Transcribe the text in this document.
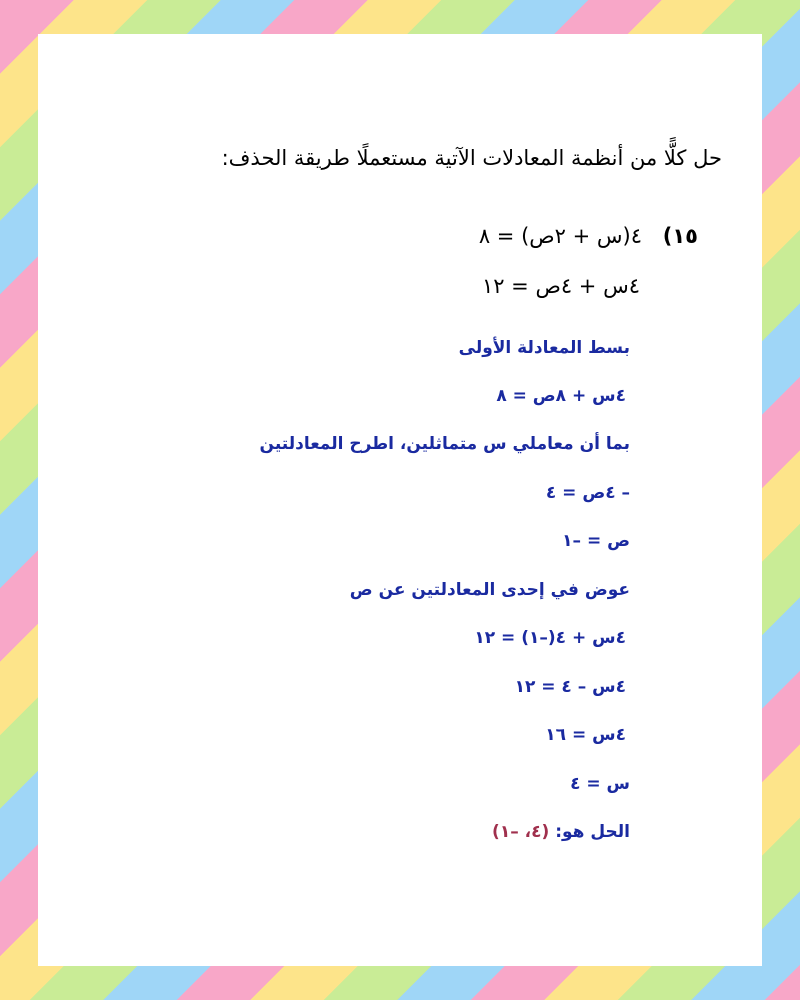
حل كلًّا من أنظمة المعادلات الآتية مستعملًا طريقة الحذف:
١٥)
٤(س + ٢ص) = ٨
٤س + ٤ص = ١٢
بسط المعادلة الأولى
٤س + ٨ص = ٨
بما أن معاملي س متماثلين، اطرح المعادلتين
– ٤ص = ٤
ص = –١
عوض في إحدى المعادلتين عن ص
٤س + ٤(–١) = ١٢
٤س – ٤ = ١٢
٤س = ١٦
س = ٤
الحل هو: (٤، –١)
